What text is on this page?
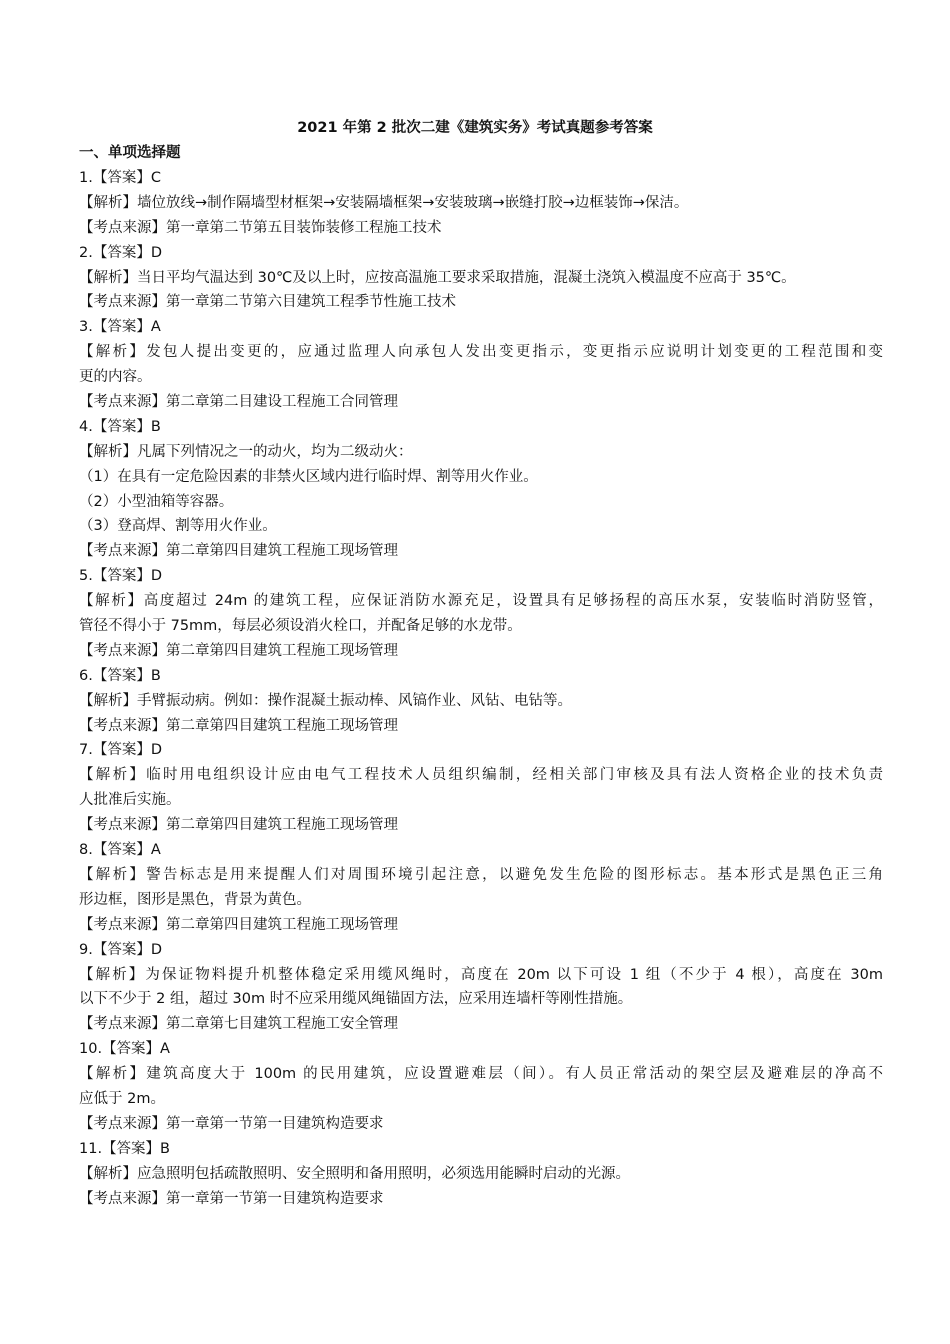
2021 年第 2 批次二建《建筑实务》考试真题参考答案
一、单项选择题
1.【答案】C
【解析】墙位放线→制作隔墙型材框架→安装隔墙框架→安装玻璃→嵌缝打胶→边框装饰→保洁。
【考点来源】第一章第二节第五目装饰装修工程施工技术
2.【答案】D
【解析】当日平均气温达到 30℃及以上时，应按高温施工要求采取措施，混凝土浇筑入模温度不应高于 35℃。
【考点来源】第一章第二节第六目建筑工程季节性施工技术
3.【答案】A
【解析】发包人提出变更的，应通过监理人向承包人发出变更指示，变更指示应说明计划变更的工程范围和变
更的内容。
【考点来源】第二章第二目建设工程施工合同管理
4.【答案】B
【解析】凡属下列情况之一的动火，均为二级动火：
（1）在具有一定危险因素的非禁火区域内进行临时焊、割等用火作业。
（2）小型油箱等容器。
（3）登高焊、割等用火作业。
【考点来源】第二章第四目建筑工程施工现场管理
5.【答案】D
【解析】高度超过 24m 的建筑工程，应保证消防水源充足，设置具有足够扬程的高压水泵，安装临时消防竖管，
管径不得小于 75mm，每层必须设消火栓口，并配备足够的水龙带。
【考点来源】第二章第四目建筑工程施工现场管理
6.【答案】B
【解析】手臂振动病。例如：操作混凝土振动棒、风镐作业、风钻、电钻等。
【考点来源】第二章第四目建筑工程施工现场管理
7.【答案】D
【解析】临时用电组织设计应由电气工程技术人员组织编制，经相关部门审核及具有法人资格企业的技术负责
人批准后实施。
【考点来源】第二章第四目建筑工程施工现场管理
8.【答案】A
【解析】警告标志是用来提醒人们对周围环境引起注意，以避免发生危险的图形标志。基本形式是黑色正三角
形边框，图形是黑色，背景为黄色。
【考点来源】第二章第四目建筑工程施工现场管理
9.【答案】D
【解析】为保证物料提升机整体稳定采用缆风绳时，高度在 20m 以下可设 1 组（不少于 4 根），高度在 30m
以下不少于 2 组，超过 30m 时不应采用缆风绳锚固方法，应采用连墙杆等刚性措施。
【考点来源】第二章第七目建筑工程施工安全管理
10.【答案】A
【解析】建筑高度大于 100m 的民用建筑，应设置避难层（间）。有人员正常活动的架空层及避难层的净高不
应低于 2m。
【考点来源】第一章第一节第一目建筑构造要求
11.【答案】B
【解析】应急照明包括疏散照明、安全照明和备用照明，必须选用能瞬时启动的光源。
【考点来源】第一章第一节第一目建筑构造要求
